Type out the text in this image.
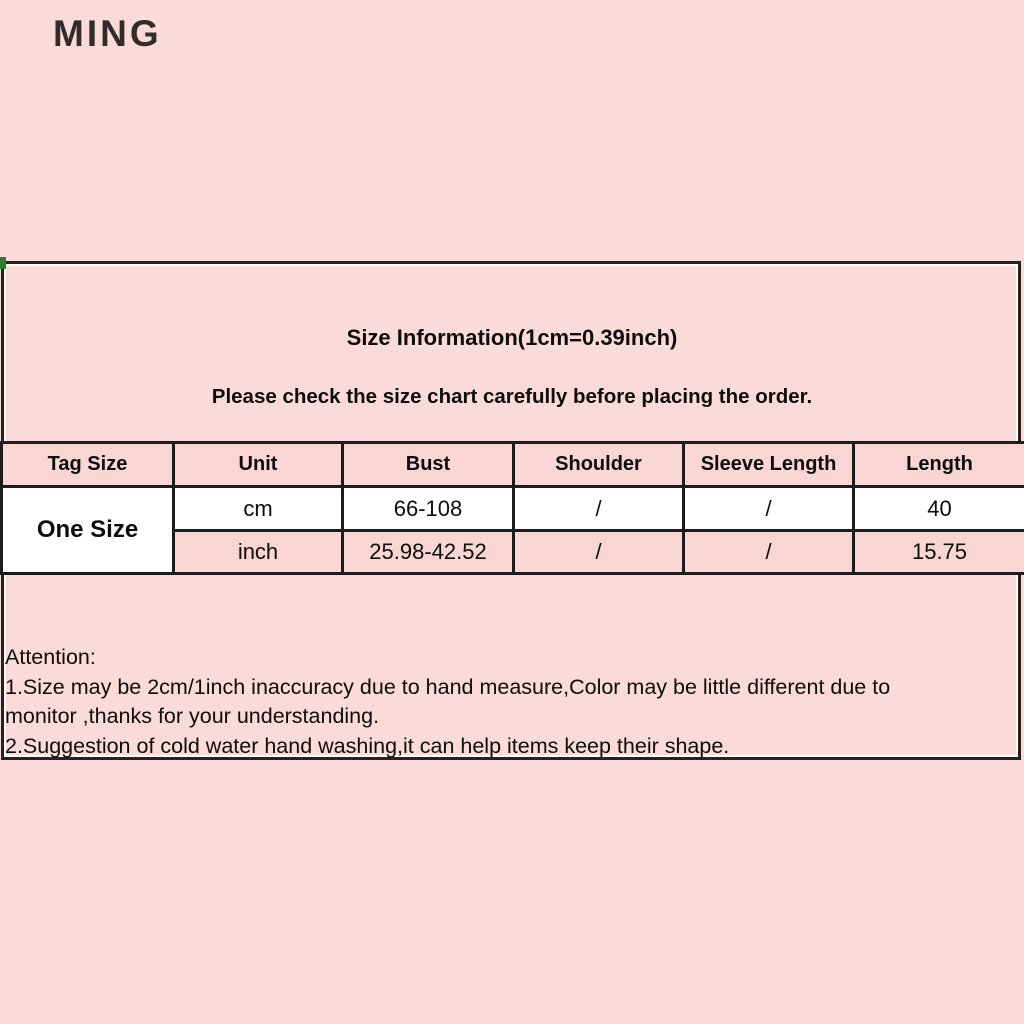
MING
Size Information(1cm=0.39inch)
Please check the size chart carefully before placing the order.
Tag Size	Unit	Bust	Shoulder	Sleeve Length	Length
One Size	cm	66-108	/	/	40
	inch	25.98-42.52	/	/	15.75
Attention:
1.Size may be 2cm/1inch inaccuracy due to hand measure,Color may be little different due to
monitor ,thanks for your understanding.
2.Suggestion of cold water hand washing,it can help items keep their shape.
